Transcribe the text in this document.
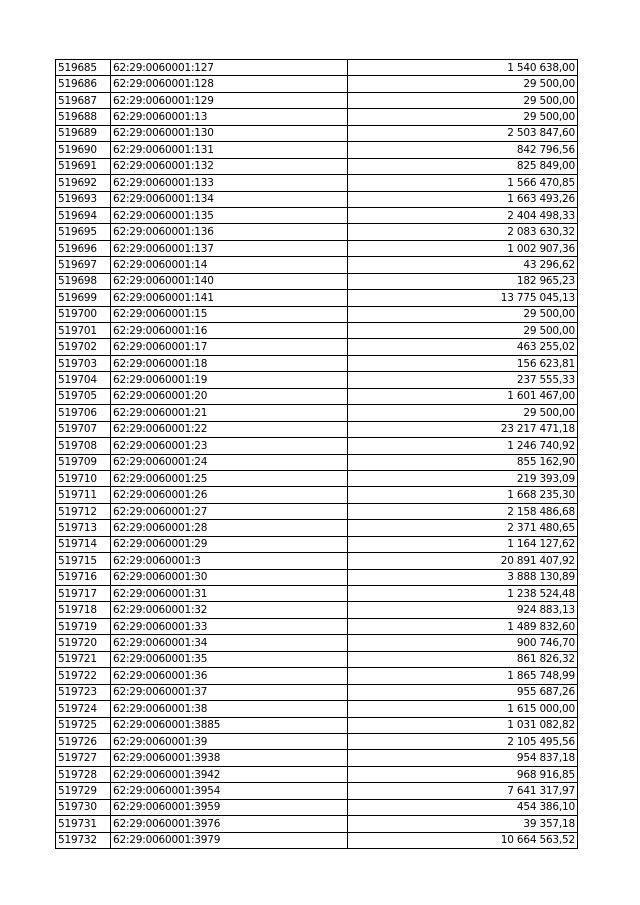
519685	62:29:0060001:127	1 540 638,00
519686	62:29:0060001:128	29 500,00
519687	62:29:0060001:129	29 500,00
519688	62:29:0060001:13	29 500,00
519689	62:29:0060001:130	2 503 847,60
519690	62:29:0060001:131	842 796,56
519691	62:29:0060001:132	825 849,00
519692	62:29:0060001:133	1 566 470,85
519693	62:29:0060001:134	1 663 493,26
519694	62:29:0060001:135	2 404 498,33
519695	62:29:0060001:136	2 083 630,32
519696	62:29:0060001:137	1 002 907,36
519697	62:29:0060001:14	43 296,62
519698	62:29:0060001:140	182 965,23
519699	62:29:0060001:141	13 775 045,13
519700	62:29:0060001:15	29 500,00
519701	62:29:0060001:16	29 500,00
519702	62:29:0060001:17	463 255,02
519703	62:29:0060001:18	156 623,81
519704	62:29:0060001:19	237 555,33
519705	62:29:0060001:20	1 601 467,00
519706	62:29:0060001:21	29 500,00
519707	62:29:0060001:22	23 217 471,18
519708	62:29:0060001:23	1 246 740,92
519709	62:29:0060001:24	855 162,90
519710	62:29:0060001:25	219 393,09
519711	62:29:0060001:26	1 668 235,30
519712	62:29:0060001:27	2 158 486,68
519713	62:29:0060001:28	2 371 480,65
519714	62:29:0060001:29	1 164 127,62
519715	62:29:0060001:3	20 891 407,92
519716	62:29:0060001:30	3 888 130,89
519717	62:29:0060001:31	1 238 524,48
519718	62:29:0060001:32	924 883,13
519719	62:29:0060001:33	1 489 832,60
519720	62:29:0060001:34	900 746,70
519721	62:29:0060001:35	861 826,32
519722	62:29:0060001:36	1 865 748,99
519723	62:29:0060001:37	955 687,26
519724	62:29:0060001:38	1 615 000,00
519725	62:29:0060001:3885	1 031 082,82
519726	62:29:0060001:39	2 105 495,56
519727	62:29:0060001:3938	954 837,18
519728	62:29:0060001:3942	968 916,85
519729	62:29:0060001:3954	7 641 317,97
519730	62:29:0060001:3959	454 386,10
519731	62:29:0060001:3976	39 357,18
519732	62:29:0060001:3979	10 664 563,52
